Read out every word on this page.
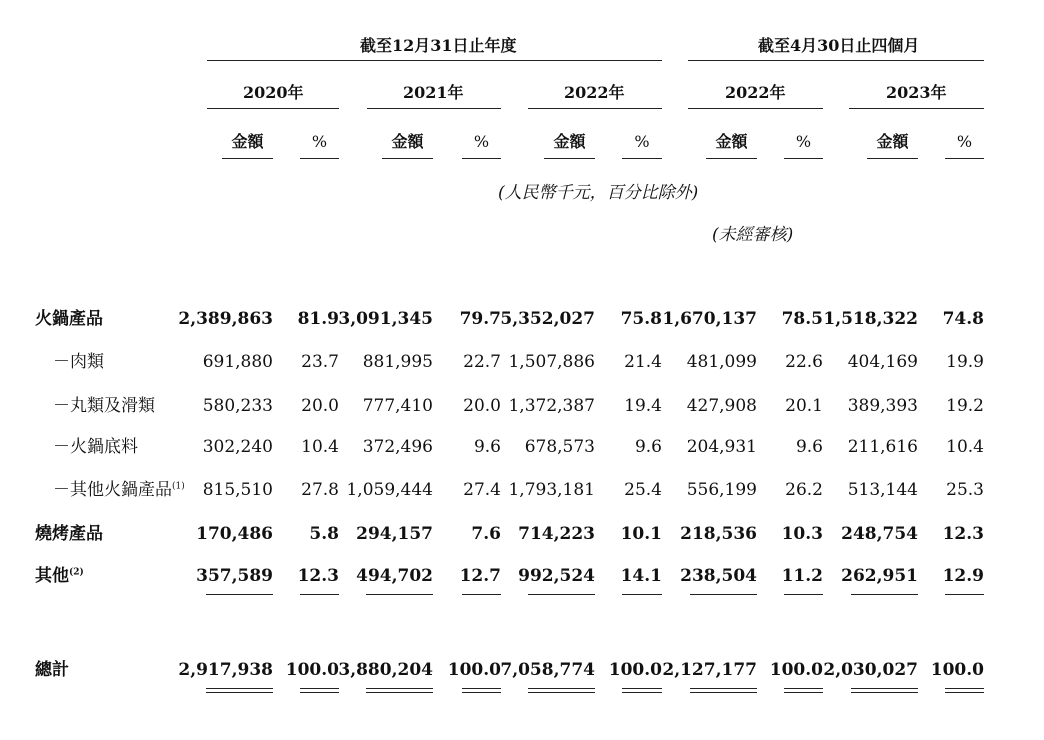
截至12月31日止年度	截至4月30日止四個月
(人民幣千元，百分比除外)
(未經審核)
2020年	2021年	2022年	2022年	2023年
金額	%	金額	%	金額	%	金額	%	金額	%
火鍋產品	2,389,863	81.9 3,091,345	79.7 5,352,027	75.8 1,670,137	78.5 1,518,322	74.8
－肉類	691,880	23.7	881,995	22.7 1,507,886	21.4	481,099	22.6	404,169	19.9
－丸類及滑類	580,233	20.0	777,410	20.0 1,372,387	19.4	427,908	20.1	389,393	19.2
－火鍋底料	302,240	10.4	372,496	9.6	678,573	9.6	204,931	9.6	211,616	10.4
－其他火鍋產品$^{(1)}$	815,510	27.8 1,059,444	27.4 1,793,181	25.4	556,199	26.2	513,144	25.3
燒烤產品	170,486	5.8	294,157	7.6	714,223	10.1	218,536	10.3	248,754	12.3
其他$^{(2)}$	357,589	12.3	494,702	12.7	992,524	14.1	238,504	11.2	262,951	12.9
總計	2,917,938 100.0 3,880,204 100.0 7,058,774 100.0 2,127,177 100.0 2,030,027 100.0
